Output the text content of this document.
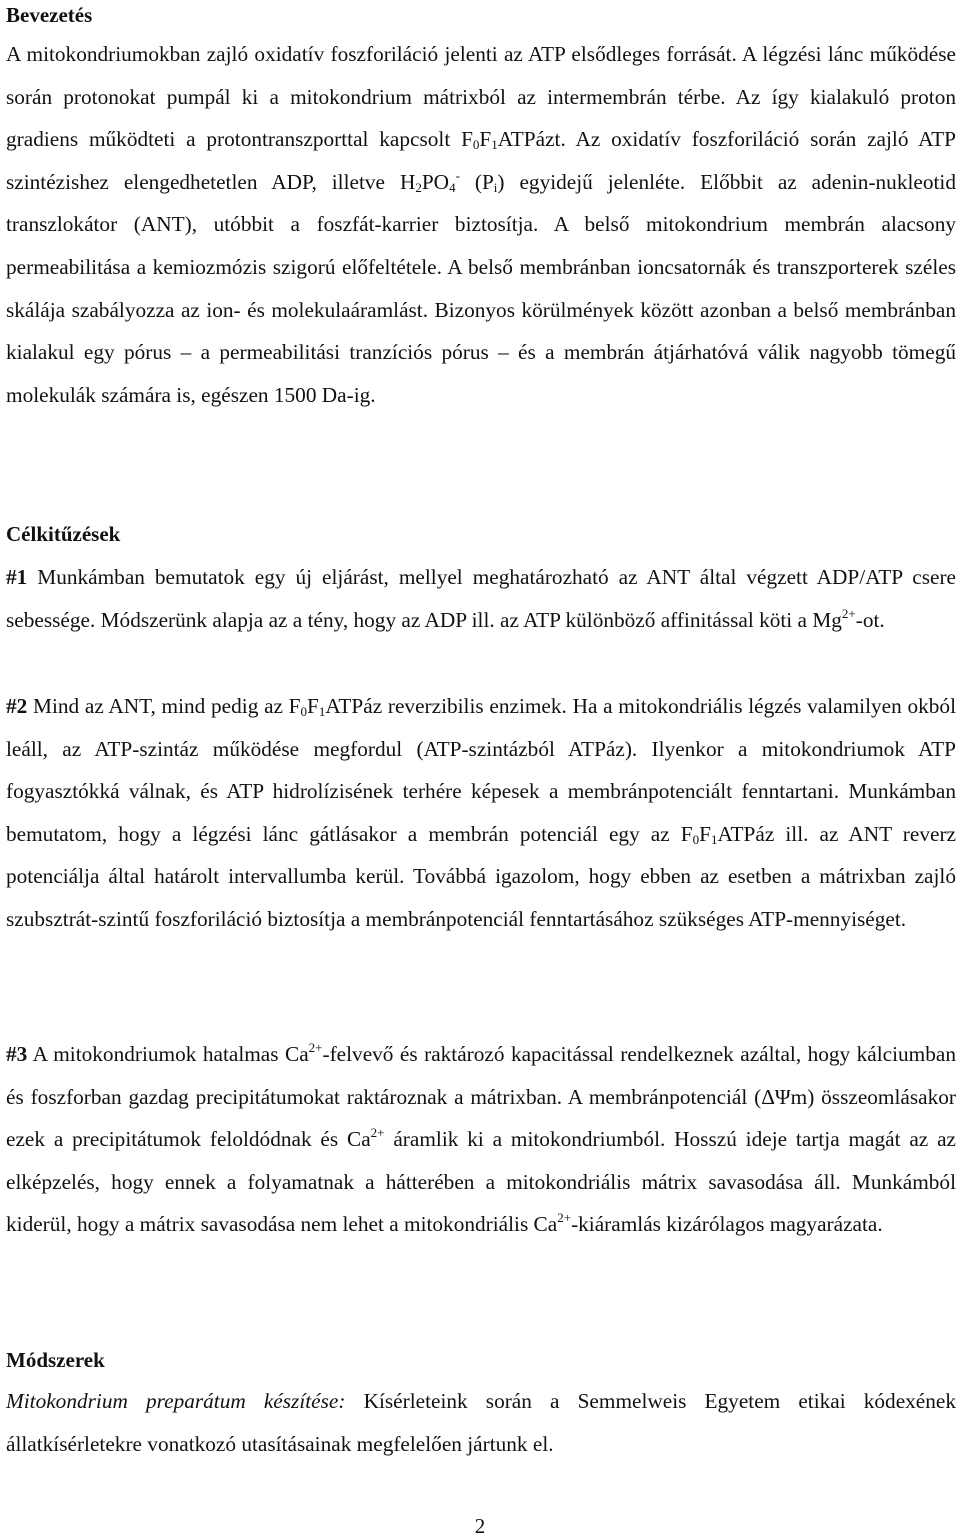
Bevezetés

A mitokondriumokban zajló oxidatív foszforiláció jelenti az ATP elsődleges forrását. A légzési lánc működése során protonokat pumpál ki a mitokondrium mátrixból az intermembrán térbe. Az így kialakuló proton gradiens működteti a protontranszporttal kapcsolt $F_0F_1ATPázt$. Az oxidatív foszforiláció során zajló ATP szintézishez elengedhetetlen ADP, illetve $H_2PO_4^-$ $(P_i)$ egyidejű jelenléte. Előbbit az adenin-nukleotid transzlokátor (ANT), utóbbit a foszfát-karrier biztosítja. A belső mitokondrium membrán alacsony permeabilitása a kemiozmózis szigorú előfeltétele. A belső membránban ioncsatornák és transzporterek széles skálája szabályozza az ion- és molekulaáramlást. Bizonyos körülmények között azonban a belső membránban kialakul egy pórus – a permeabilitási tranzíciós pórus – és a membrán átjárhatóvá válik nagyobb tömegű molekulák számára is, egészen 1500 Da-ig.

Célkitűzések

#1 Munkámban bemutatok egy új eljárást, mellyel meghatározható az ANT által végzett ADP/ATP csere sebessége. Módszerünk alapja az a tény, hogy az ADP ill. az ATP különböző affinitással köti a $Mg^{2+}-ot$.

#2 Mind az ANT, mind pedig az $F_0F_1ATPáz$ reverzibilis enzimek. Ha a mitokondriális légzés valamilyen okból leáll, az ATP-szintáz működése megfordul (ATP-szintázból ATPáz). Ilyenkor a mitokondriumok ATP fogyasztókká válnak, és ATP hidrolízisének terhére képesek a membránpotenciált fenntartani. Munkámban bemutatom, hogy a légzési lánc gátlásakor a membrán potenciál egy az $F_0F_1ATPáz$ ill. az ANT reverz potenciálja által határolt intervallumba kerül. Továbbá igazolom, hogy ebben az esetben a mátrixban zajló szubsztrát-szintű foszforiláció biztosítja a membránpotenciál fenntartásához szükséges ATP-mennyiséget.

#3 A mitokondriumok hatalmas $Ca^{2+}$-felvevő és raktározó kapacitással rendelkeznek azáltal, hogy kálciumban és foszforban gazdag precipitátumokat raktároznak a mátrixban. A membránpotenciál (ΔΨm) összeomlásakor ezek a precipitátumok feloldódnak és $Ca^{2+}$ áramlik ki a mitokondriumból. Hosszú ideje tartja magát az az elképzelés, hogy ennek a folyamatnak a hátterében a mitokondriális mátrix savasodása áll. Munkámból kiderül, hogy a mátrix savasodása nem lehet a mitokondriális $Ca^{2+}$-kiáramlás kizárólagos magyarázata.

Módszerek

Mitokondrium preparátum készítése: Kísérleteink során a Semmelweis Egyetem etikai kódexének állatkísérletekre vonatkozó utasításainak megfelelően jártunk el.

2
